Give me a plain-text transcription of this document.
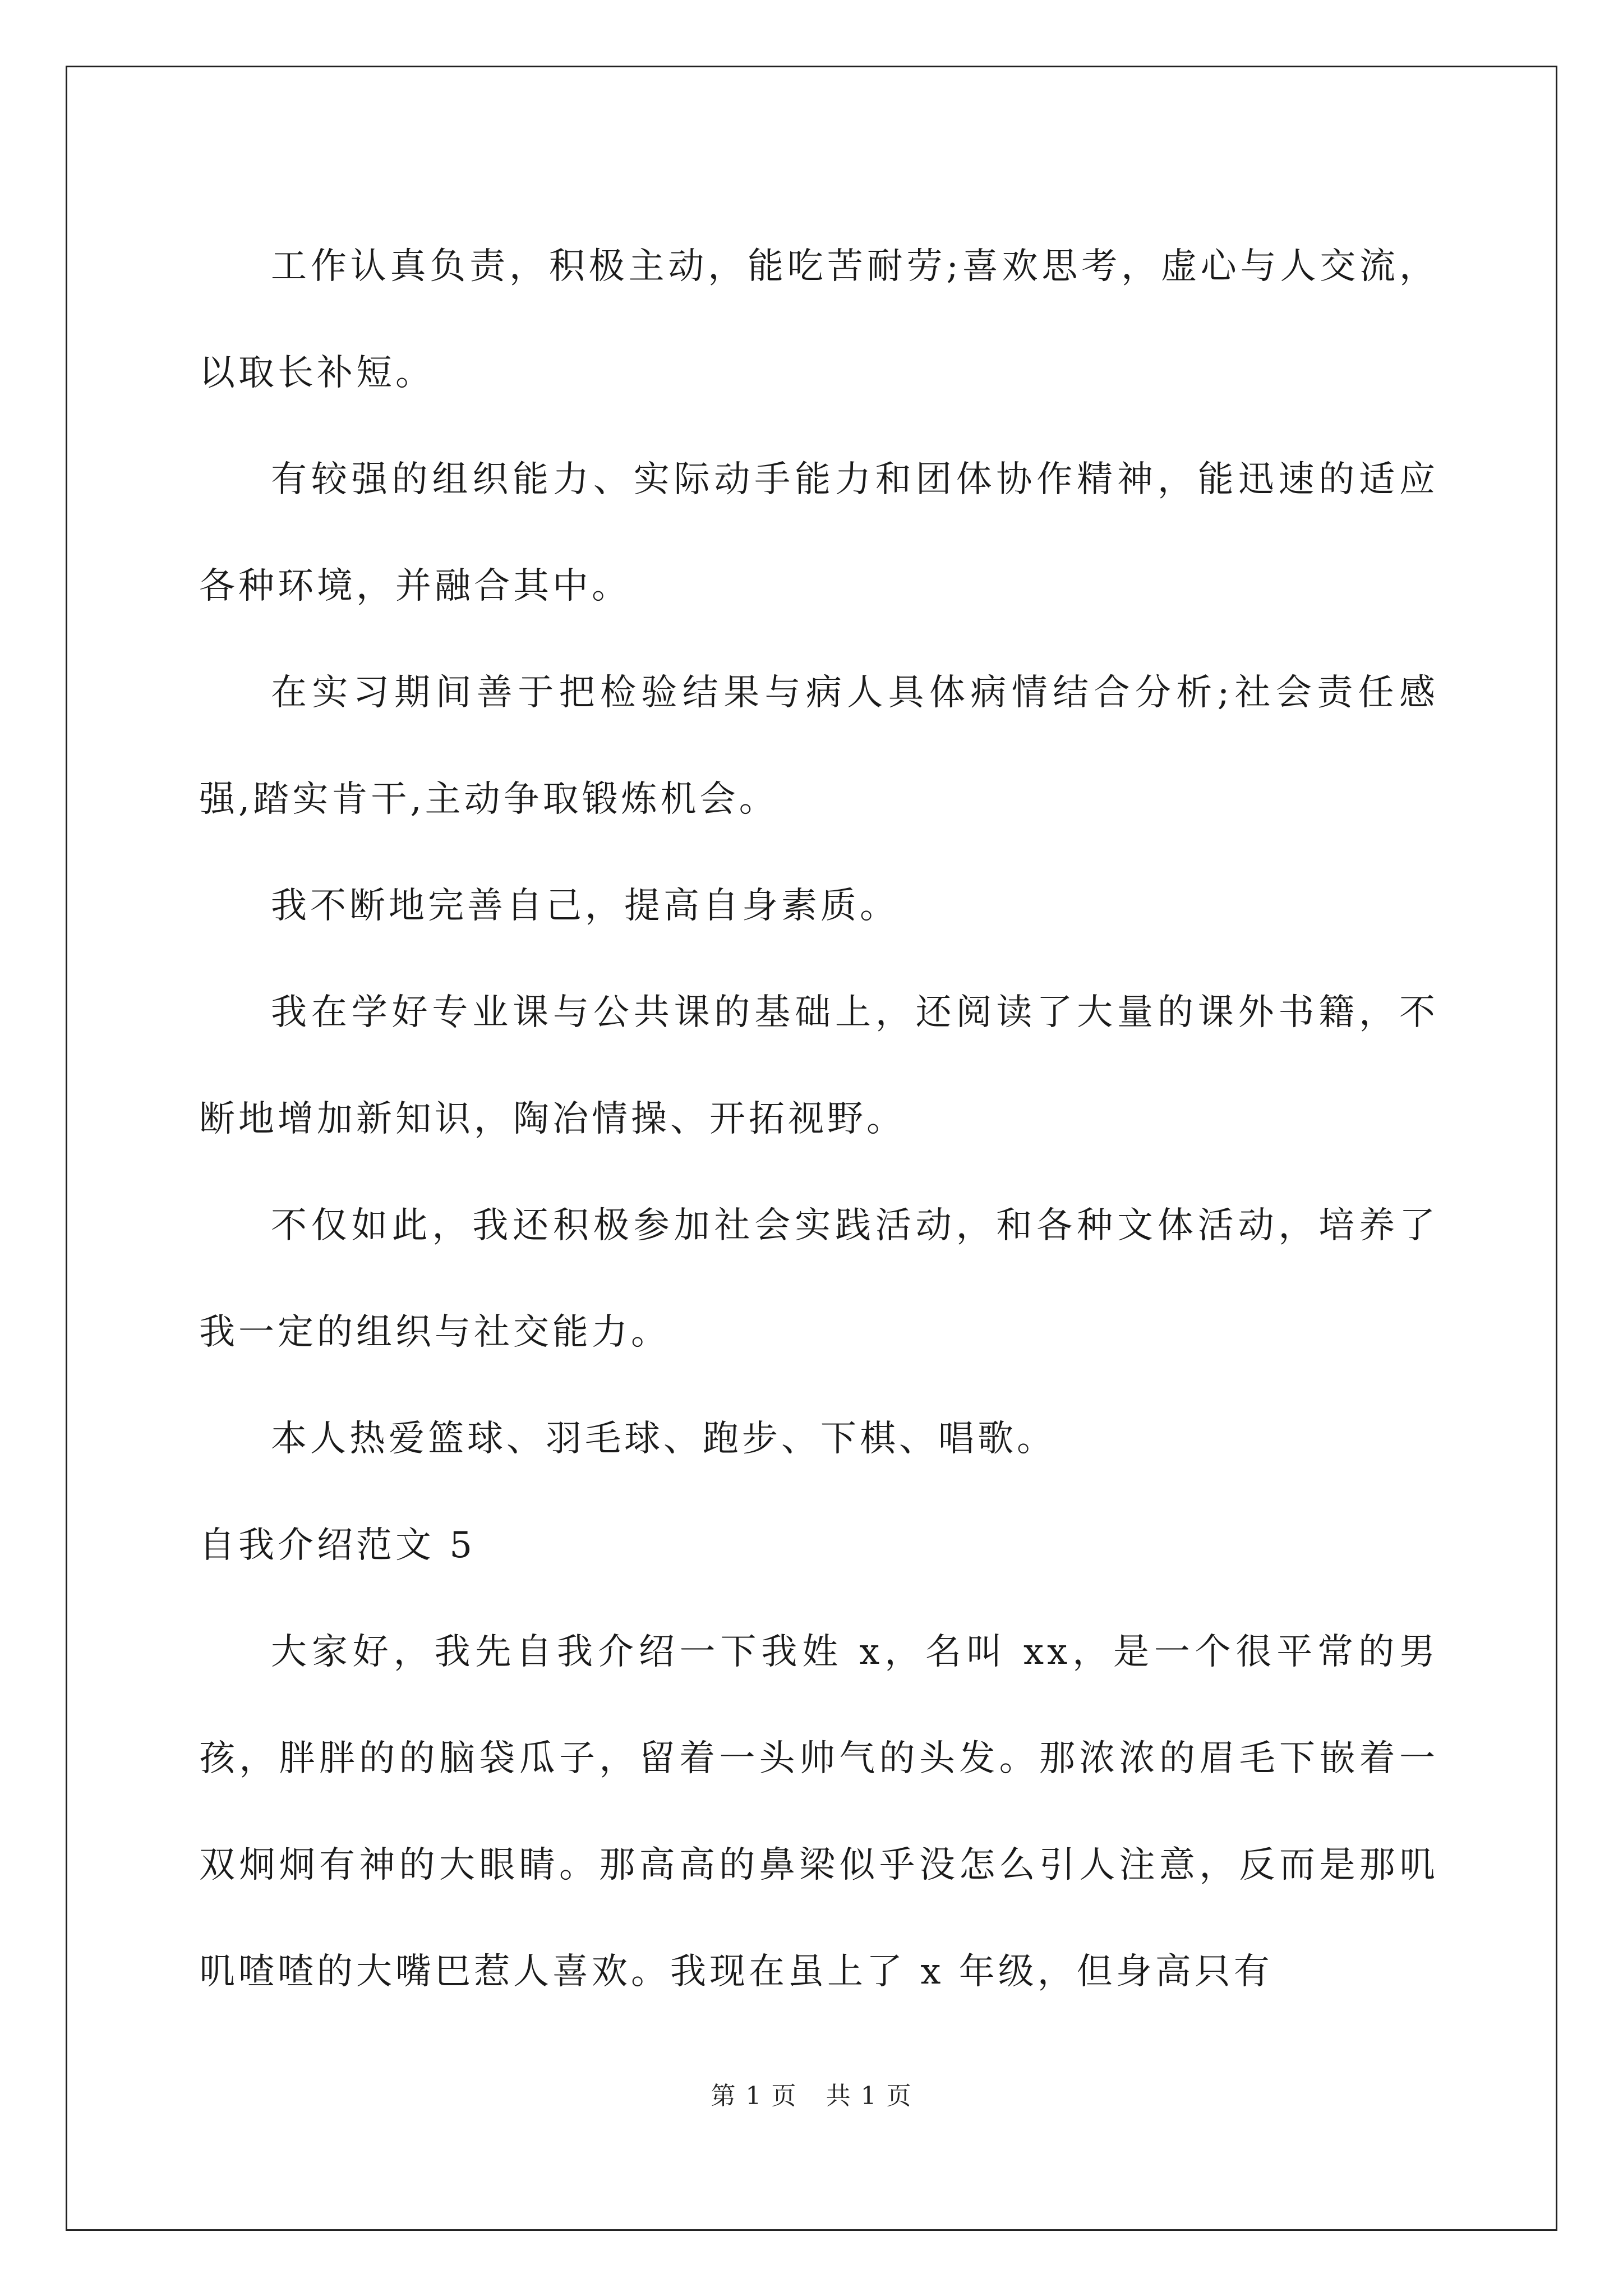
工作认真负责，积极主动，能吃苦耐劳;喜欢思考，虚心与人交流，以取长补短。

有较强的组织能力、实际动手能力和团体协作精神，能迅速的适应各种环境，并融合其中。

在实习期间善于把检验结果与病人具体病情结合分析;社会责任感强,踏实肯干,主动争取锻炼机会。

我不断地完善自己，提高自身素质。

我在学好专业课与公共课的基础上，还阅读了大量的课外书籍，不断地增加新知识，陶冶情操、开拓视野。

不仅如此，我还积极参加社会实践活动，和各种文体活动，培养了我一定的组织与社交能力。

本人热爱篮球、羽毛球、跑步、下棋、唱歌。

自我介绍范文 5

大家好，我先自我介绍一下我姓 x，名叫 xx，是一个很平常的男孩，胖胖的的脑袋瓜子，留着一头帅气的头发。那浓浓的眉毛下嵌着一双炯炯有神的大眼睛。那高高的鼻梁似乎没怎么引人注意，反而是那叽叽喳喳的大嘴巴惹人喜欢。我现在虽上了 x 年级，但身高只有

第 1 页 共 1 页
